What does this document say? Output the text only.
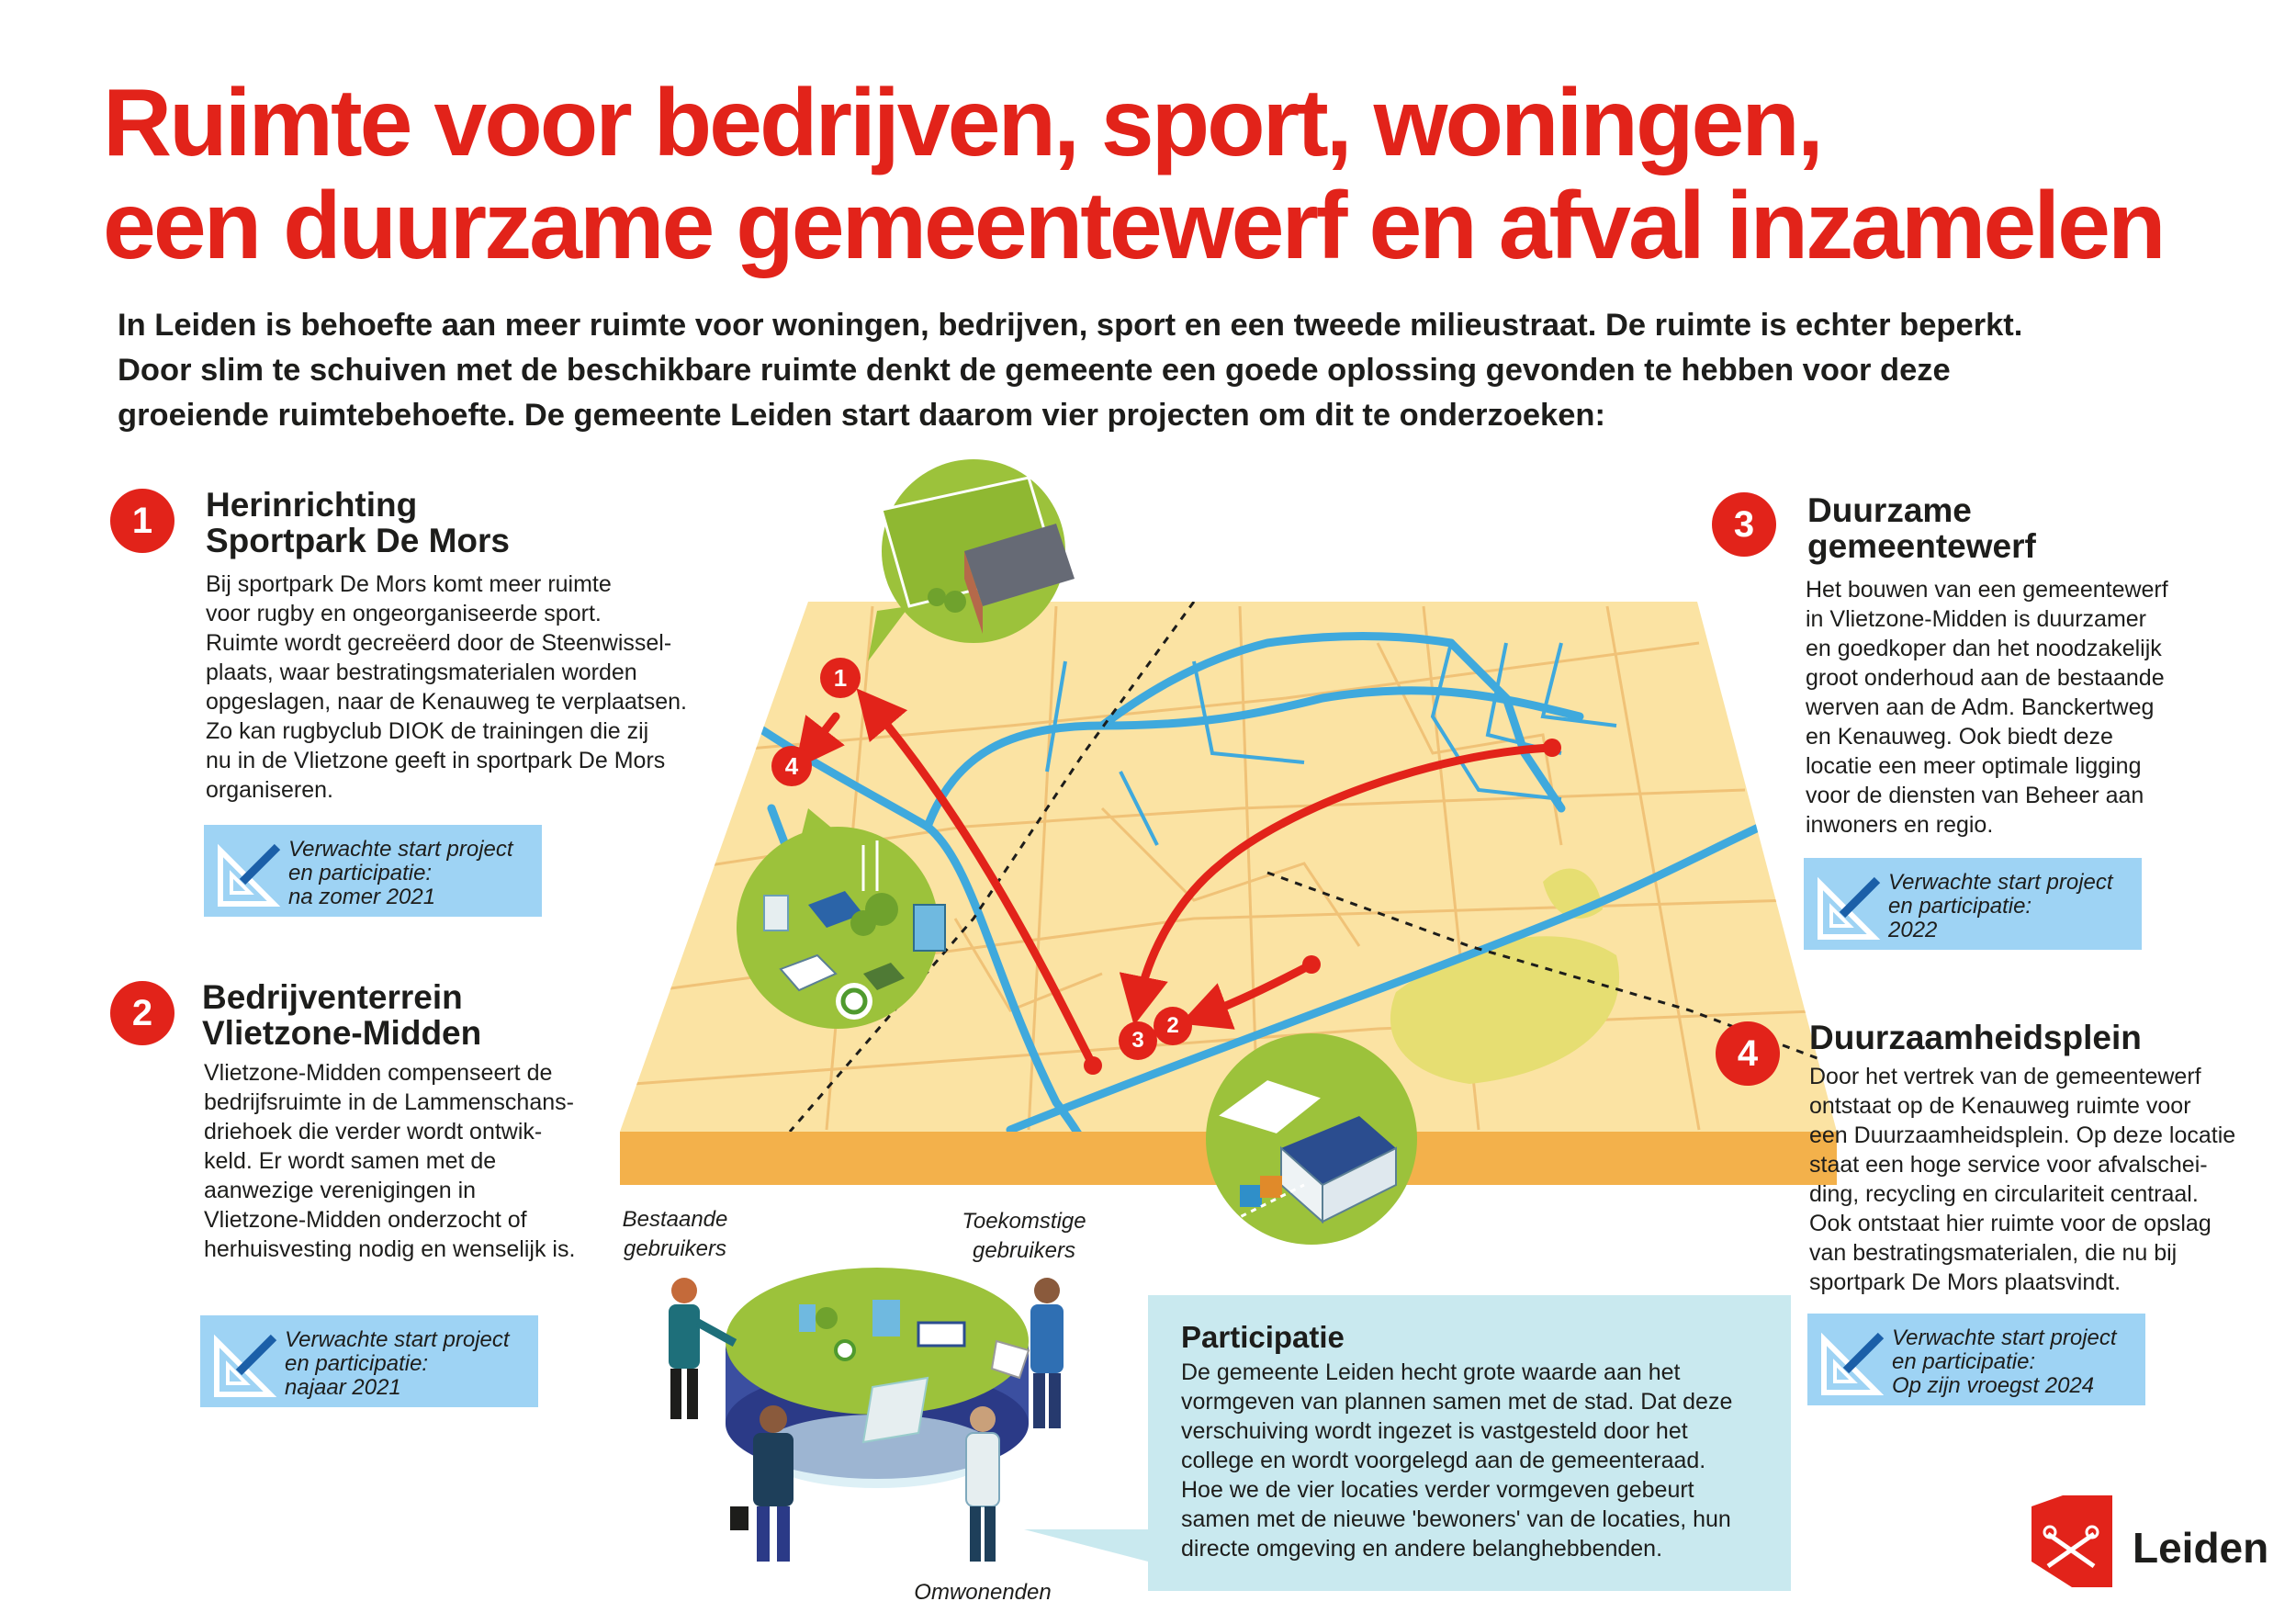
Ruimte voor bedrijven, sport, woningen,
een duurzame gemeentewerf en afval inzamelen
In Leiden is behoefte aan meer ruimte voor woningen, bedrijven, sport en een tweede milieustraat. De ruimte is echter beperkt.
Door slim te schuiven met de beschikbare ruimte denkt de gemeente een goede oplossing gevonden te hebben voor deze
groeiende ruimtebehoefte. De gemeente Leiden start daarom vier projecten om dit te onderzoeken:
1
4
3
2
1	Herinrichting
Sportpark De Mors
Bij sportpark De Mors komt meer ruimte
voor rugby en ongeorganiseerde sport.
Ruimte wordt gecreëerd door de Steenwissel-
plaats, waar bestratingsmaterialen worden
opgeslagen, naar de Kenauweg te verplaatsen.
Zo kan rugbyclub DIOK de trainingen die zij
nu in de Vlietzone geeft in sportpark De Mors
organiseren.
Verwachte start project
en participatie:
na zomer 2021
2	Bedrijventerrein
Vlietzone-Midden
Vlietzone-Midden compenseert de
bedrijfsruimte in de Lammenschans-
driehoek die verder wordt ontwik-
keld. Er wordt samen met de
aanwezige verenigingen in
Vlietzone-Midden onderzocht of
herhuisvesting nodig en wenselijk is.
Verwachte start project
en participatie:
najaar 2021
3	Duurzame
gemeentewerf
Het bouwen van een gemeentewerf
in Vlietzone-Midden is duurzamer
en goedkoper dan het noodzakelijk
groot onderhoud aan de bestaande
werven aan de Adm. Banckertweg
en Kenauweg. Ook biedt deze
locatie een meer optimale ligging
voor de diensten van Beheer aan
inwoners en regio.
Verwachte start project
en participatie:
2022
4	Duurzaamheidsplein
Door het vertrek van de gemeentewerf
ontstaat op de Kenauweg ruimte voor
een Duurzaamheidsplein. Op deze locatie
staat een hoge service voor afvalschei-
ding, recycling en circulariteit centraal.
Ook ontstaat hier ruimte voor de opslag
van bestratingsmaterialen, die nu bij
sportpark De Mors plaatsvindt.
Verwachte start project
en participatie:
Op zijn vroegst 2024
Bestaande
gebruikers
Toekomstige
gebruikers
Omwonenden
Participatie
De gemeente Leiden hecht grote waarde aan het
vormgeven van plannen samen met de stad. Dat deze
verschuiving wordt ingezet is vastgesteld door het
college en wordt voorgelegd aan de gemeenteraad.
Hoe we de vier locaties verder vormgeven gebeurt
samen met de nieuwe 'bewoners' van de locaties, hun
directe omgeving en andere belanghebbenden.	Leiden
